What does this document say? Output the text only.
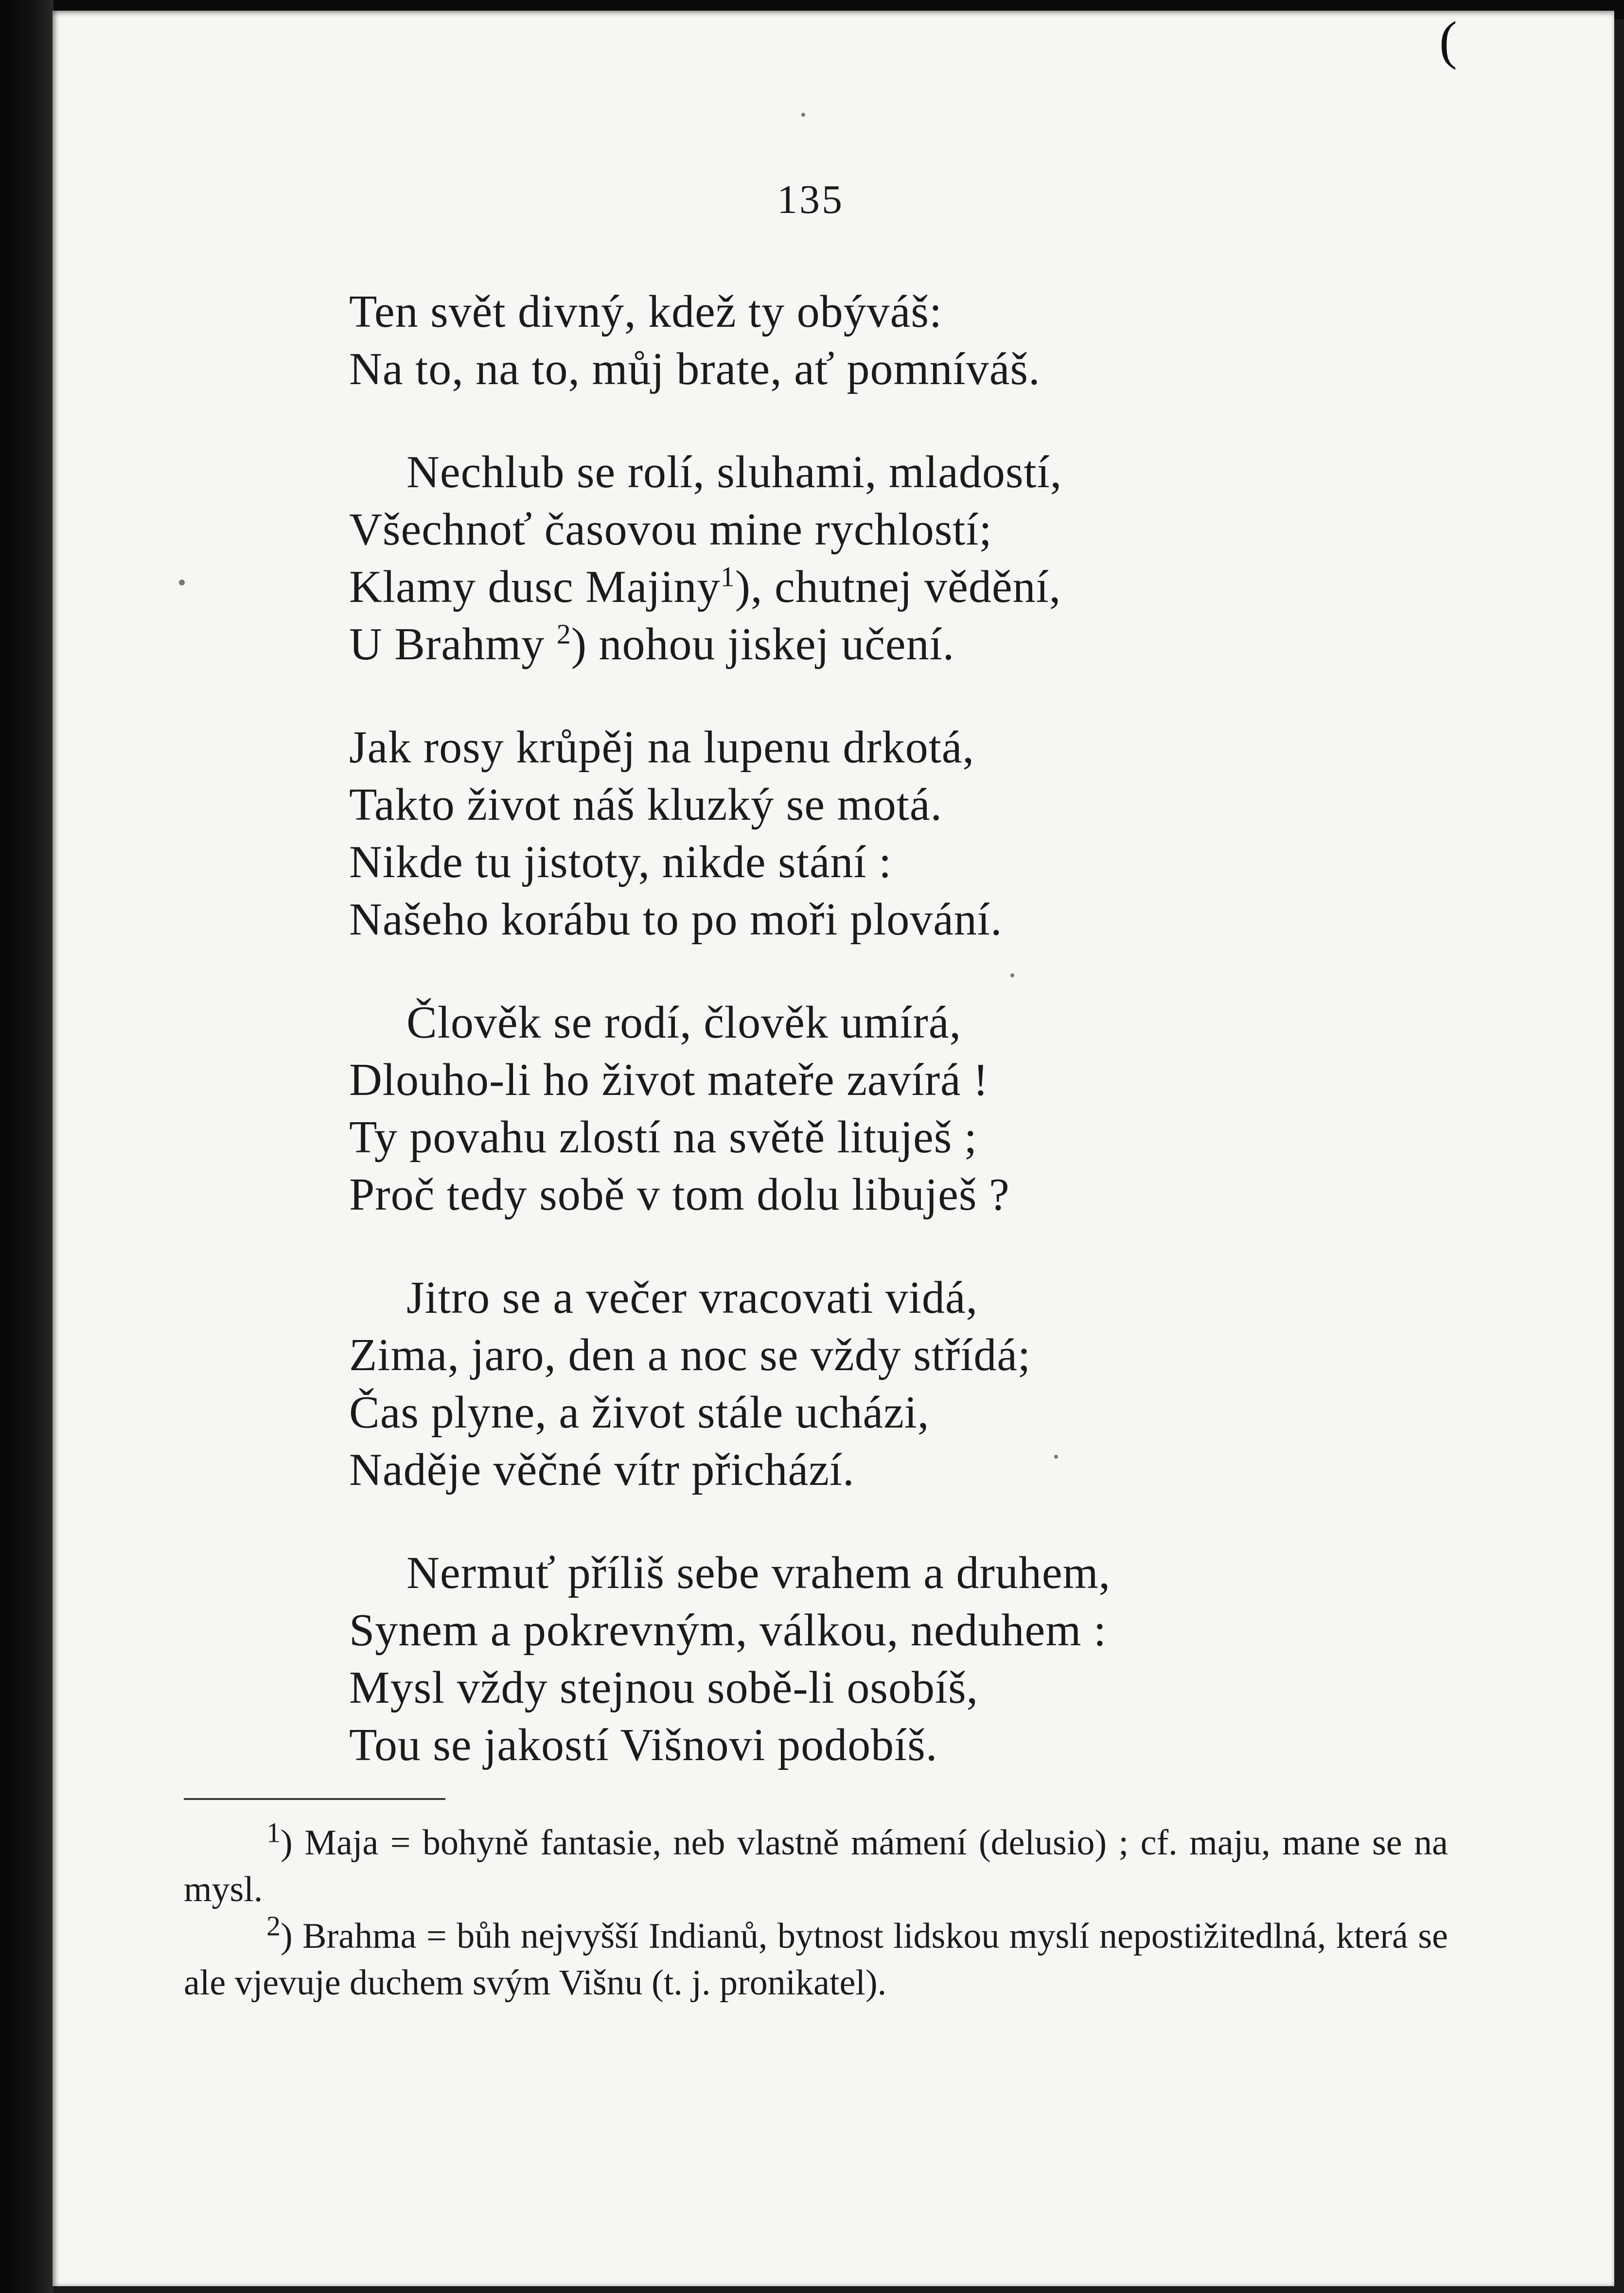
135
Ten svět divný, kdež ty obýváš:
Na to, na to, můj brate, ať pomníváš.
Nechlub se rolí, sluhami, mladostí,
Všechnoť časovou mine rychlostí;
Klamy dusc Majiny$^1$), chutnej vědění,
U Brahmy $^2$) nohou jiskej učení.
Jak rosy krůpěj na lupenu drkotá,
Takto život náš kluzký se motá.
Nikde tu jistoty, nikde stání :
Našeho korábu to po moři plování.
Člověk se rodí, člověk umírá,
Dlouho-li ho život mateře zavírá !
Ty povahu zlostí na světě lituješ ;
Proč tedy sobě v tom dolu libuješ ?
Jitro se a večer vracovati vidá,
Zima, jaro, den a noc se vždy střídá;
Čas plyne, a život stále ucházi,
Naděje věčné vítr přichází.
Nermuť příliš sebe vrahem a druhem,
Synem a pokrevným, válkou, neduhem :
Mysl vždy stejnou sobě-li osobíš,
Tou se jakostí Višnovi podobíš.

$^1$) Maja = bohyně fantasie, neb vlastně mámení (delusio) ; cf. maju, mane se na mysl.

$^2$) Brahma = bůh nejvyšší Indianů, bytnost lidskou myslí nepostižitedlná, která se ale vjevuje duchem svým Višnu (t. j. pronikatel).

(
